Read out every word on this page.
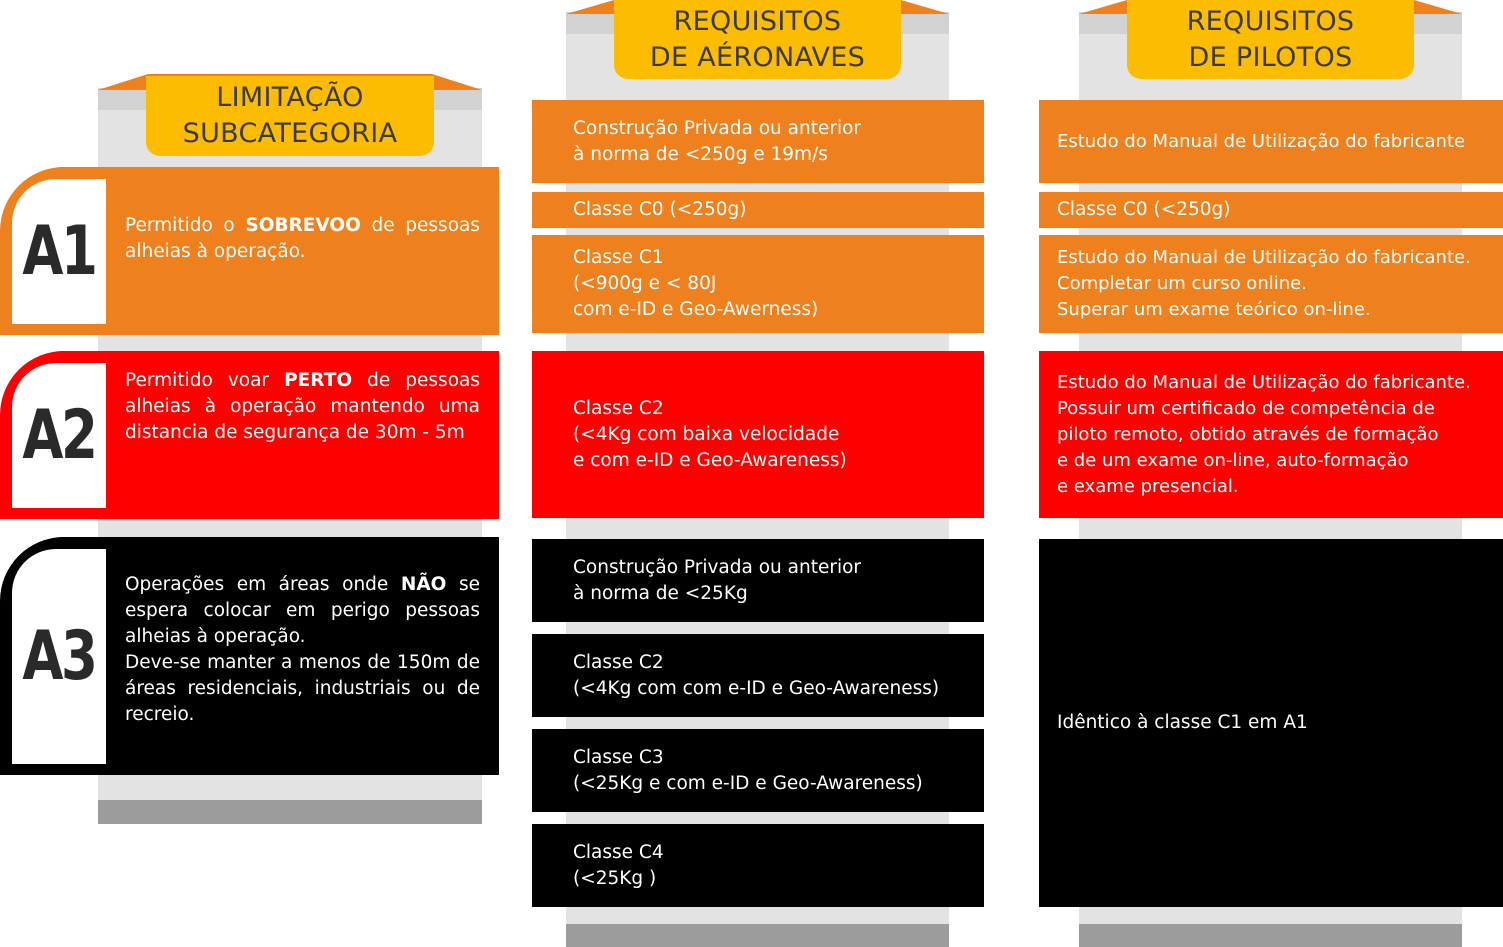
LIMITAÇÃO
SUBCATEGORIA
A1 Permitido o SOBREVOO de pessoas alheias à operação.
A2
Permitido voar PERTO de pessoas alheias à operação mantendo uma distancia de segurança de 30m - 5m
A3
Operações em áreas onde NÃO se espera colocar em perigo pessoas alheias à operação.
Deve-se manter a menos de 150m de áreas residenciais, industriais ou de recreio.
REQUISITOS
DE AÉRONAVES
Construção Privada ou anterior
à norma de <250g e 19m/s
Classe C0 (<250g)
Classe C1
(<900g e < 80J
com e-ID e Geo-Awerness)
Classe C2
(<4Kg com baixa velocidade
e com e-ID e Geo-Awareness)
Construção Privada ou anterior
à norma de <25Kg
Classe C2
(<4Kg com com e-ID e Geo-Awareness)
Classe C3
(<25Kg e com e-ID e Geo-Awareness)
Classe C4
(<25Kg )
REQUISITOS
DE PILOTOS
Estudo do Manual de Utilização do fabricante
Classe C0 (<250g)
Estudo do Manual de Utilização do fabricante.
Completar um curso online.
Superar um exame teórico on-line.
Estudo do Manual de Utilização do fabricante.
Possuir um certificado de competência de
piloto remoto, obtido através de formação
e de um exame on-line, auto-formação
e exame presencial.
Idêntico à classe C1 em A1
